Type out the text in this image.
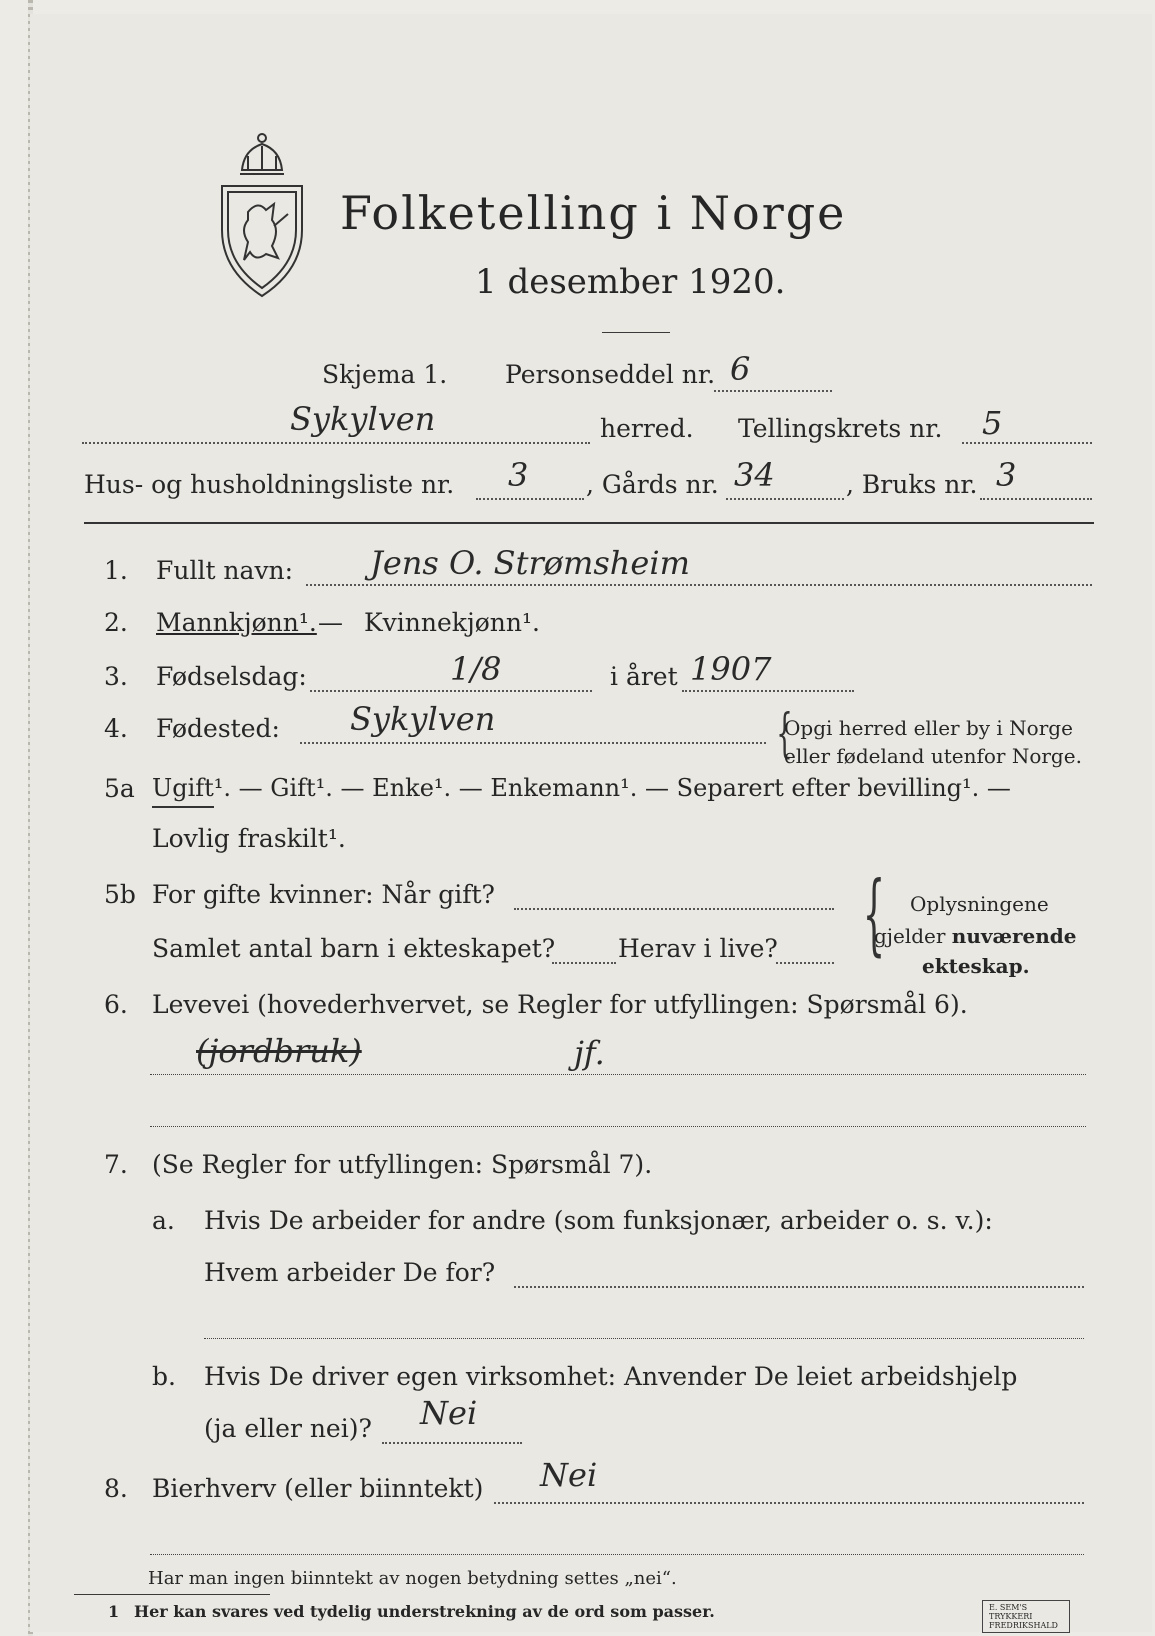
Folketelling i Norge
1 desember 1920.
Skjema 1. Personseddel nr. 6
Sykylven	herred. Tellingskrets nr. 5
Hus- og husholdningsliste nr. 3 , Gårds nr. 34	, Bruks nr. 3
1. Fullt navn: Jens O. Strømsheim
2. Mannkjønn¹. — Kvinnekjønn¹.
3. Fødselsdag:	1/8	i året 1907
4. Fødested: Sykylven	{
Opgi herred eller by i Norge
eller fødeland utenfor Norge.
5a Ugift¹. — Gift¹. — Enke¹. — Enkemann¹. — Separert efter bevilling¹. —
Lovlig fraskilt¹.
5b For gifte kvinner: Når gift?
Samlet antal barn i ekteskapet?	Herav i live? { Oplysningene
gjelder nuværende
ekteskap.
6. Levevei (hovederhvervet, se Regler for utfyllingen: Spørsmål 6).
(jordbruk)	jf.
7. (Se Regler for utfyllingen: Spørsmål 7).
a. Hvis De arbeider for andre (som funksjonær, arbeider o. s. v.):
Hvem arbeider De for?
b. Hvis De driver egen virksomhet: Anvender De leiet arbeidshjelp
(ja eller nei)? Nei
8. Bierhverv (eller biinntekt) Nei
Har man ingen biinntekt av nogen betydning settes „nei“.
1 Her kan svares ved tydelig understrekning av de ord som passer.	E. SEM'S TRYKKERI FREDRIKSHALD
